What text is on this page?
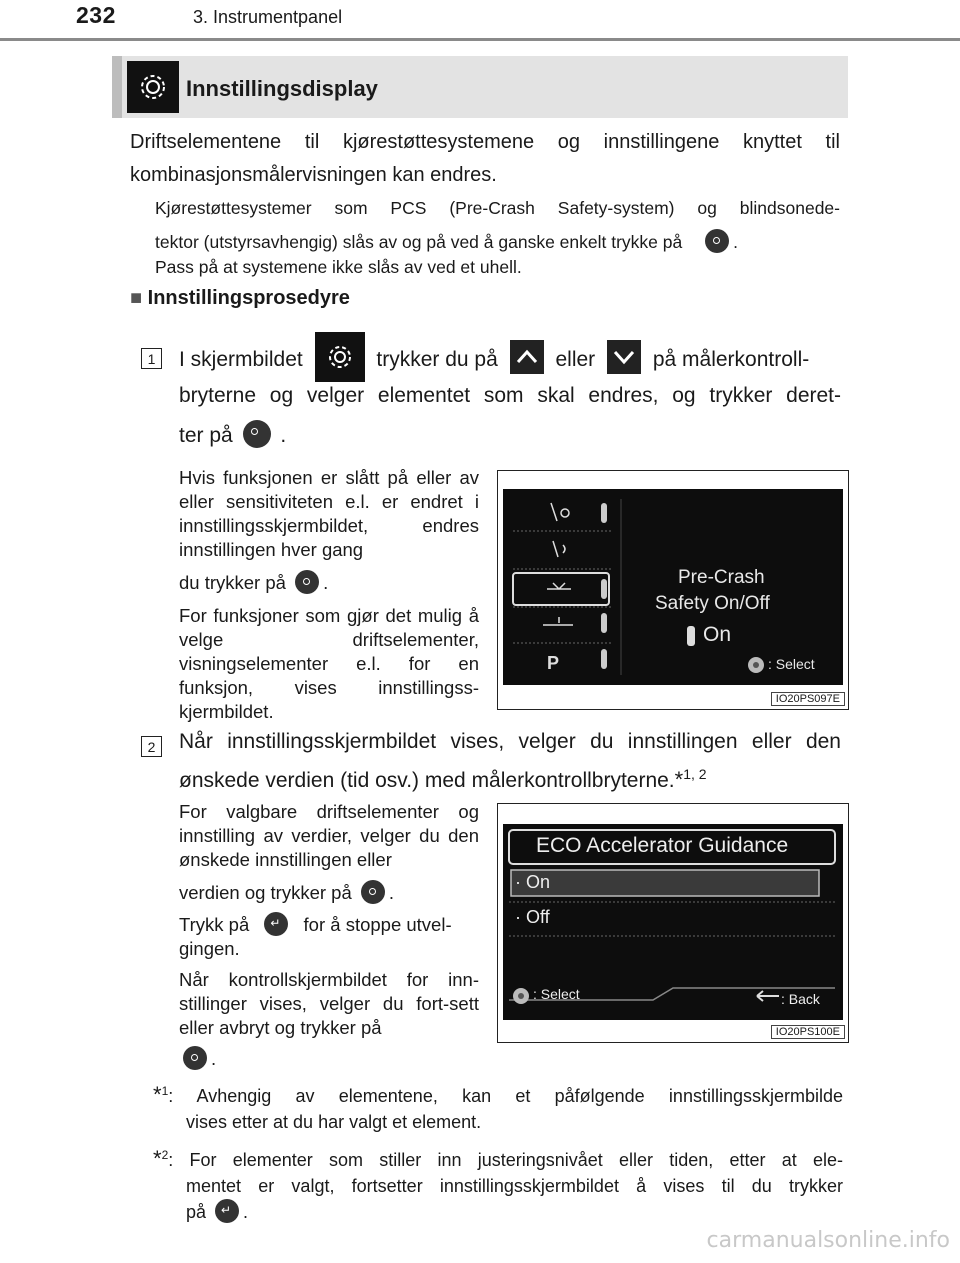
232	3. Instrumentpanel
Innstillingsdisplay

Driftselementene til kjørestøttesystemene og innstillingene knyttet til kombinasjonsmålervisningen kan endres.

Kjørestøttesystemer som PCS (Pre-Crash Safety-system) og blindsonede-
tektor (utstyrsavhengig) slås av og på ved å ganske enkelt trykke på	.
Pass på at systemene ikke slås av ved et uhell.
■ Innstillingsprosedyre
1	I skjermbildet	trykker du på	eller	på målerkontroll-
bryterne og velger elementet som skal endres, og trykker deret-
ter på .
Hvis funksjonen er slått på eller av eller sensitiviteten e.l. er endret i innstillingsskjermbildet, endres innstillingen hver gang
du trykker på .
For funksjoner som gjør det mulig å velge driftselementer, visningselementer e.l. for en funksjon, vises innstillingss-kjermbildet.
P
Pre-Crash
Safety On/Off
On
: Select
IO20PS097E
2	Når innstillingsskjermbildet vises, velger du innstillingen eller den
ønskede verdien (tid osv.) med målerkontrollbryterne.*$^{1, 2}$
For valgbare driftselementer og innstilling av verdier, velger du den ønskede innstillingen eller
verdien og trykker på .
Trykk på ↵	for å stoppe utvel-
gingen.
Når kontrollskjermbildet for inn-stillinger vises, velger du fort-sett eller avbryt og trykker på
.
ECO Accelerator Guidance
· On
· Off
: Select	: Back
IO20PS100E
*$^1$: Avhengig av elementene, kan et påfølgende innstillingsskjermbilde
vises etter at du har valgt et element.
*$^2$: For elementer som stiller inn justeringsnivået eller tiden, etter at ele-
mentet er valgt, fortsetter innstillingsskjermbildet å vises til du trykker
på ↵ .
carmanualsonline.info
